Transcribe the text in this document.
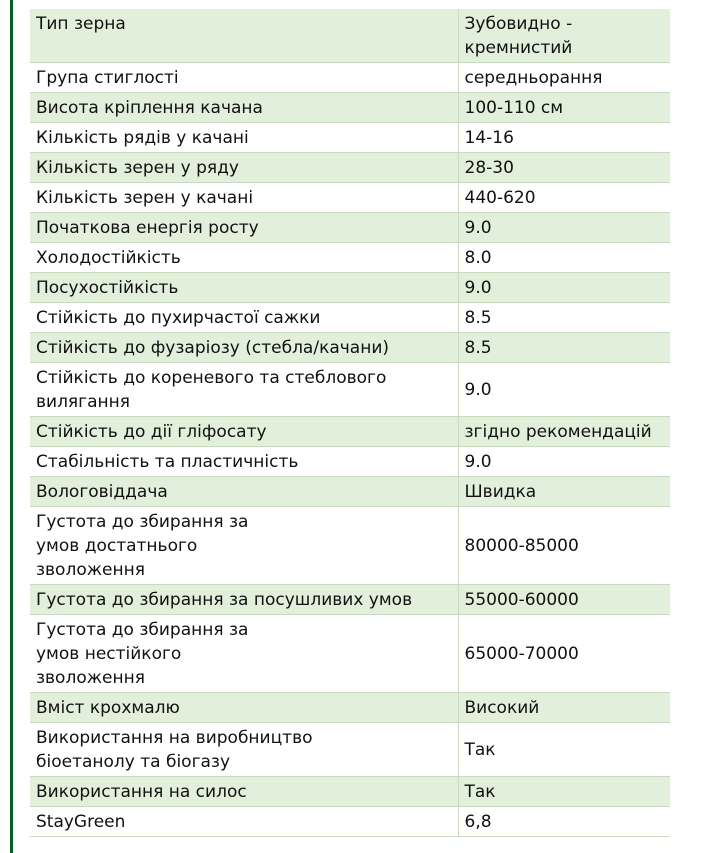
Тип зерна	Зубовидно - кремнистий
Група стиглості	середньорання
Висота кріплення качана	100-110 см
Кількість рядів у качані	14-16
Кількість зерен у ряду	28-30
Кількість зерен у качані	440-620
Початкова енергія росту	9.0
Холодостійкість	8.0
Посухостійкість	9.0
Стійкість до пухирчастої сажки	8.5
Стійкість до фузаріозу (стебла/качани)	8.5
Стійкість до кореневого та стеблового вилягання	9.0
Стійкість до дії гліфосату	згідно рекомендацій
Стабільність та пластичність	9.0
Вологовіддача	Швидка
Густота до збирання за умов достатнього зволоження	80000-85000
Густота до збирання за посушливих умов	55000-60000
Густота до збирання за умов нестійкого зволоження	65000-70000
Вміст крохмалю	Високий
Використання на виробництво біоетанолу та біогазу	Так
Використання на силос	Так
StayGreen	6,8
